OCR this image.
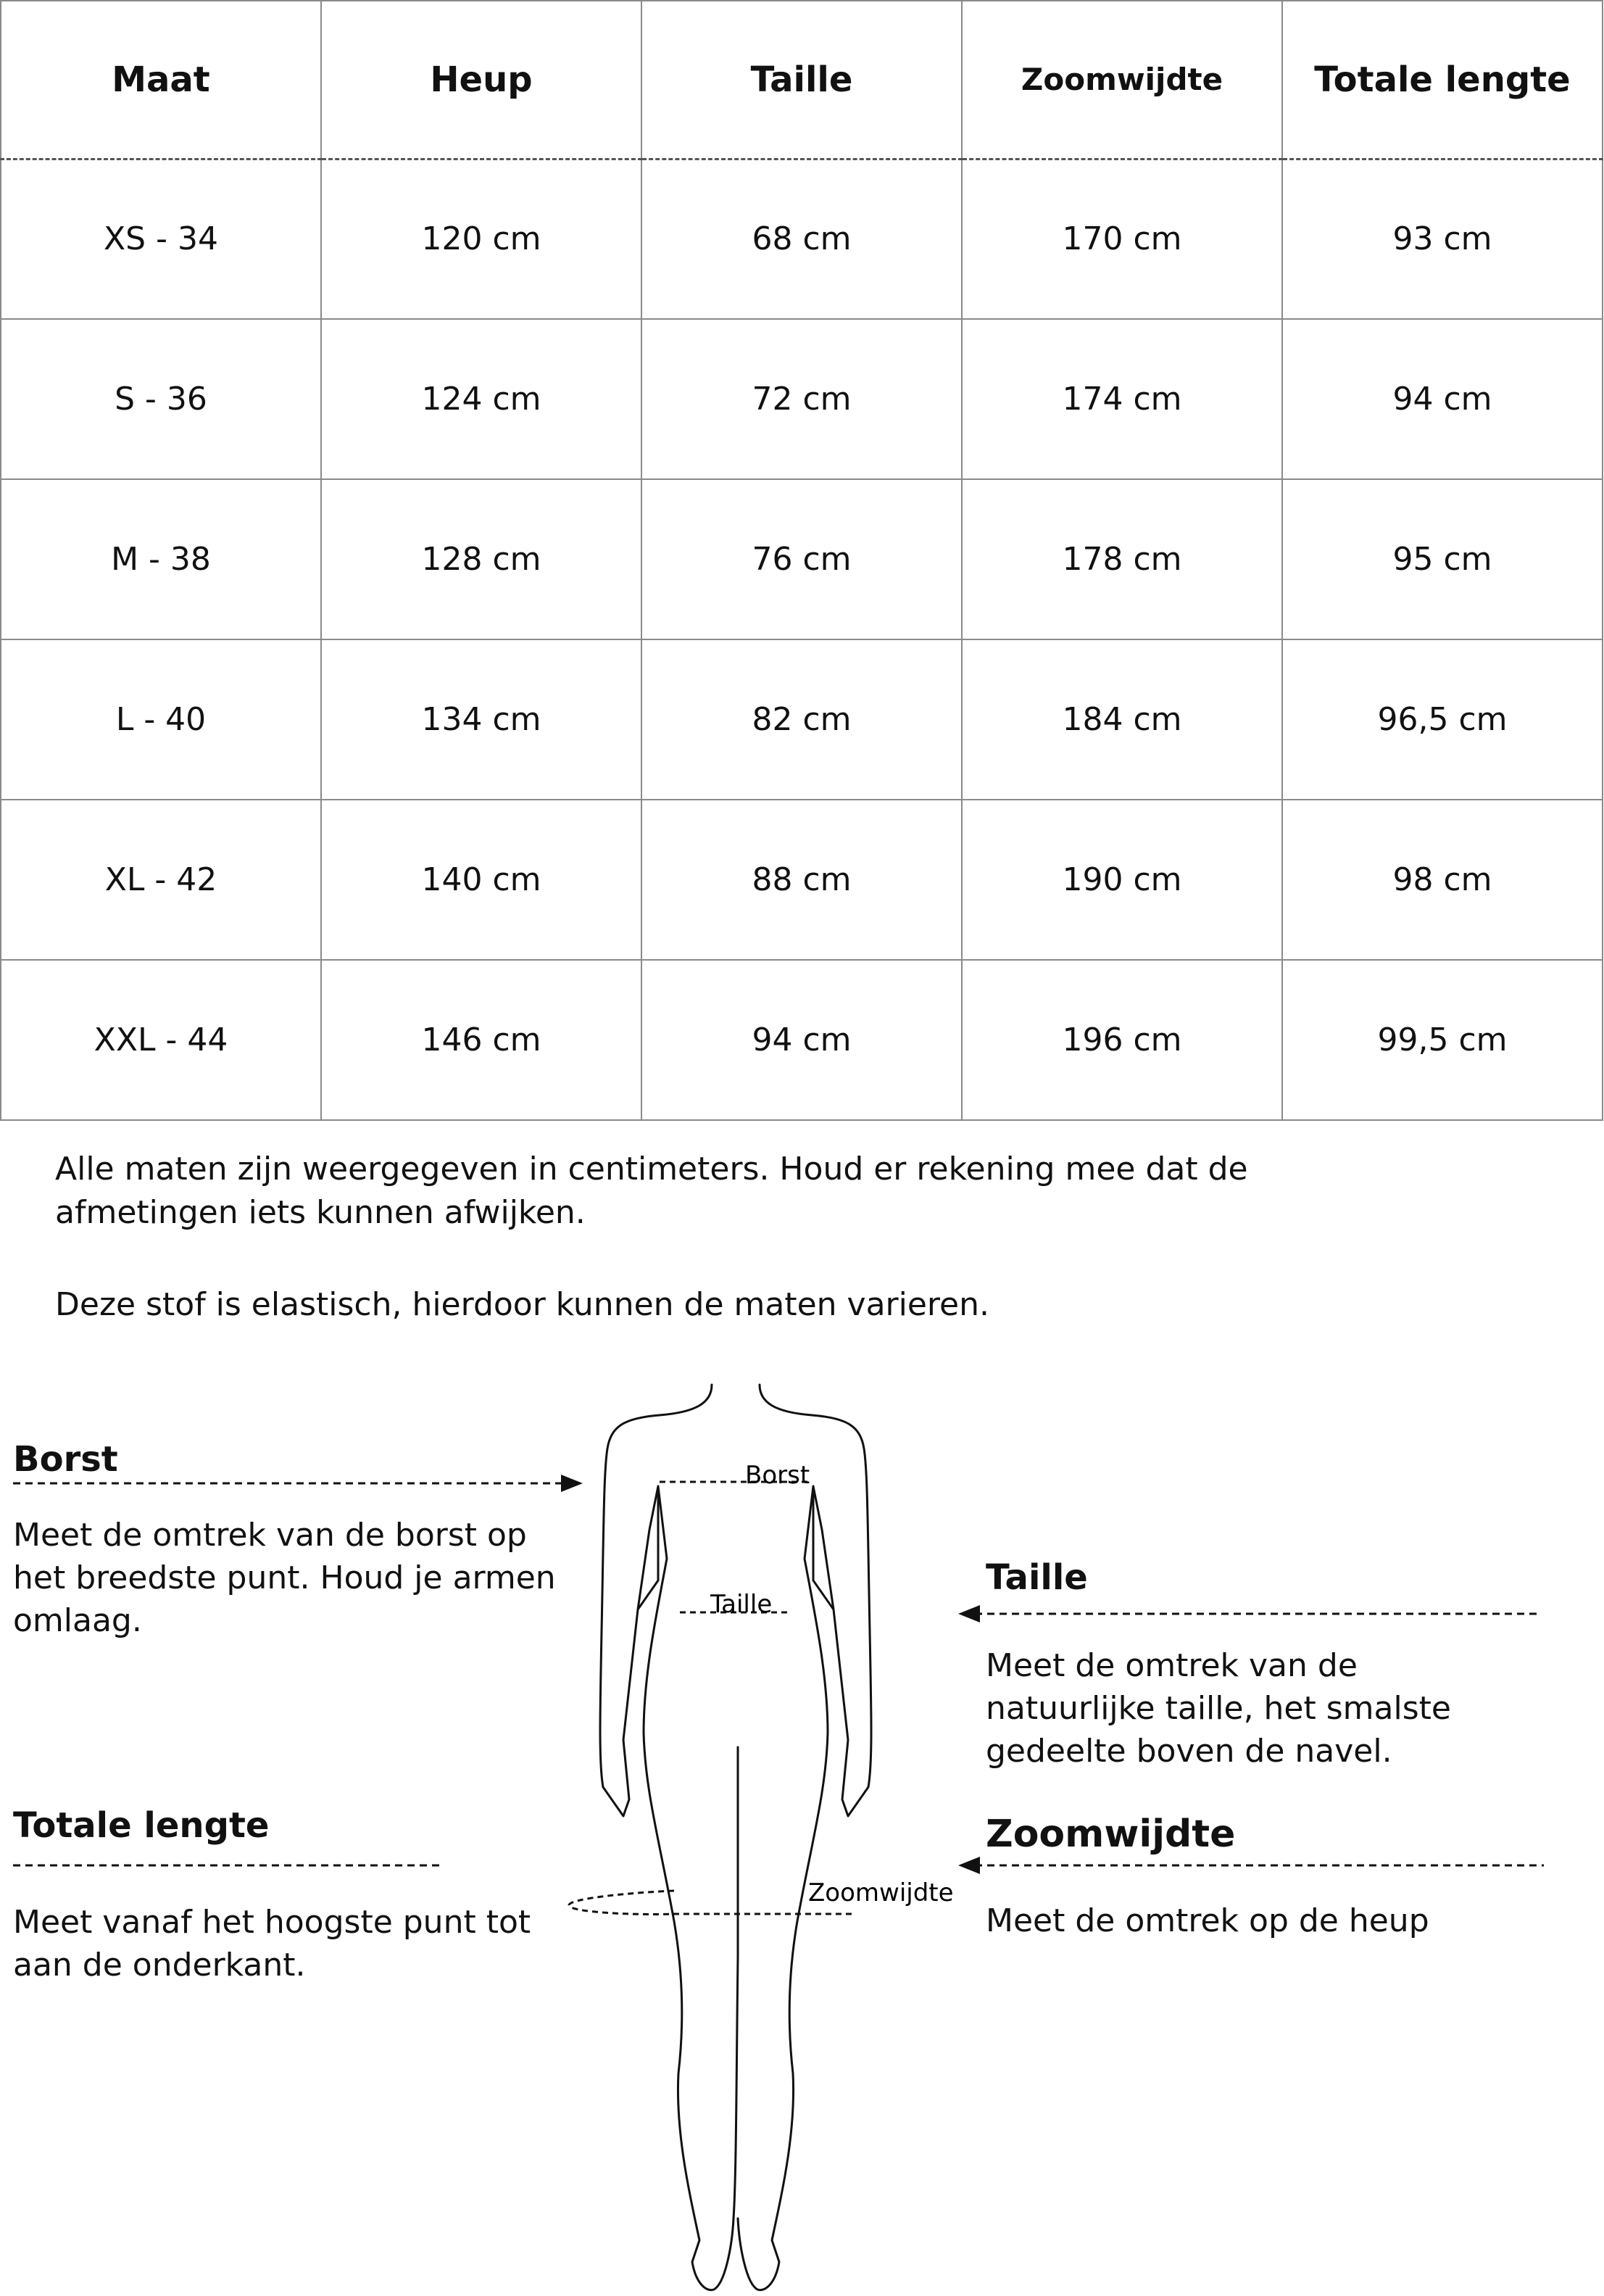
Maat	Heup	Taille	Zoomwijdte	Totale lengte
XS - 34	120 cm	68 cm	170 cm	93 cm
S - 36	124 cm	72 cm	174 cm	94 cm
M - 38	128 cm	76 cm	178 cm	95 cm
L - 40	134 cm	82 cm	184 cm	96,5 cm
XL - 42	140 cm	88 cm	190 cm	98 cm
XXL - 44	146 cm	94 cm	196 cm	99,5 cm

Alle maten zijn weergegeven in centimeters. Houd er rekening mee dat de afmetingen iets kunnen afwijken.

Deze stof is elastisch, hierdoor kunnen de maten varieren.

Borst
Taille
Zoomwijdte
Borst

Meet de omtrek van de borst op het breedste punt. Houd je armen omlaag.

Totale lengte

Meet vanaf het hoogste punt tot aan de onderkant.

Taille

Meet de omtrek van de natuurlijke taille, het smalste gedeelte boven de navel.

Zoomwijdte

Meet de omtrek op de heup
